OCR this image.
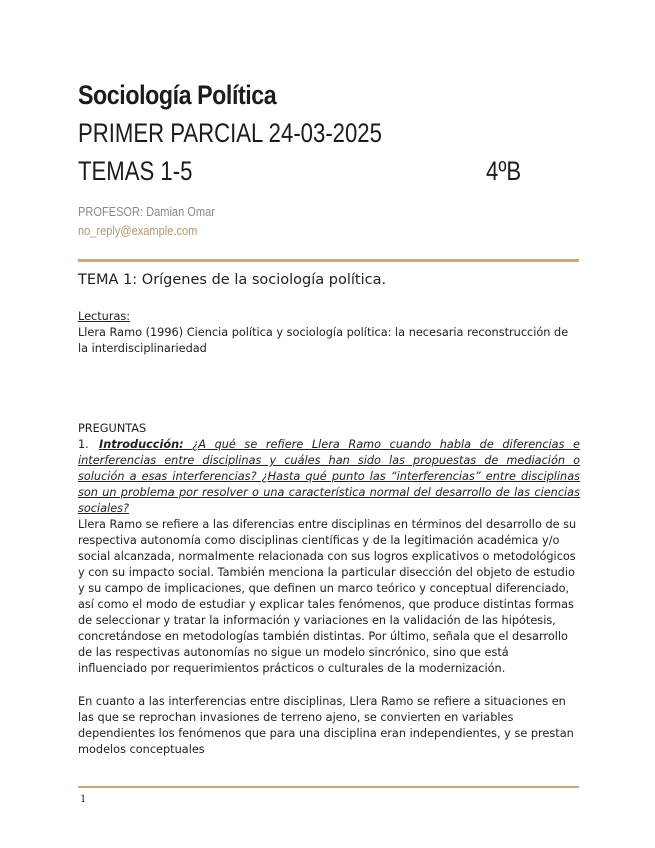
Sociología Política
PRIMER PARCIAL 24-03-2025
TEMAS 1-5	4ºB
PROFESOR: Damian Omar
no_reply@example.com
TEMA 1: Orígenes de la sociología política.
Lecturas:
Llera Ramo (1996) Ciencia política y sociología política: la necesaria reconstrucción de la interdisciplinariedad
PREGUNTAS
1. Introducción: ¿A qué se refiere Llera Ramo cuando habla de diferencias e interferencias entre disciplinas y cuáles han sido las propuestas de mediación o solución a esas interferencias? ¿Hasta qué punto las “interferencias” entre disciplinas son un problema por resolver o una característica normal del desarrollo de las ciencias sociales?
Llera Ramo se refiere a las diferencias entre disciplinas en términos del desarrollo de su respectiva autonomía como disciplinas científicas y de la legitimación académica y/o social alcanzada, normalmente relacionada con sus logros explicativos o metodológicos y con su impacto social. También menciona la particular disección del objeto de estudio y su campo de implicaciones, que definen un marco teórico y conceptual diferenciado, así como el modo de estudiar y explicar tales fenómenos, que produce distintas formas de seleccionar y tratar la información y variaciones en la validación de las hipótesis, concretándose en metodologías también distintas. Por último, señala que el desarrollo de las respectivas autonomías no sigue un modelo sincrónico, sino que está influenciado por requerimientos prácticos o culturales de la modernización.
En cuanto a las interferencias entre disciplinas, Llera Ramo se refiere a situaciones en las que se reprochan invasiones de terreno ajeno, se convierten en variables dependientes los fenómenos que para una disciplina eran independientes, y se prestan modelos conceptuales
1
